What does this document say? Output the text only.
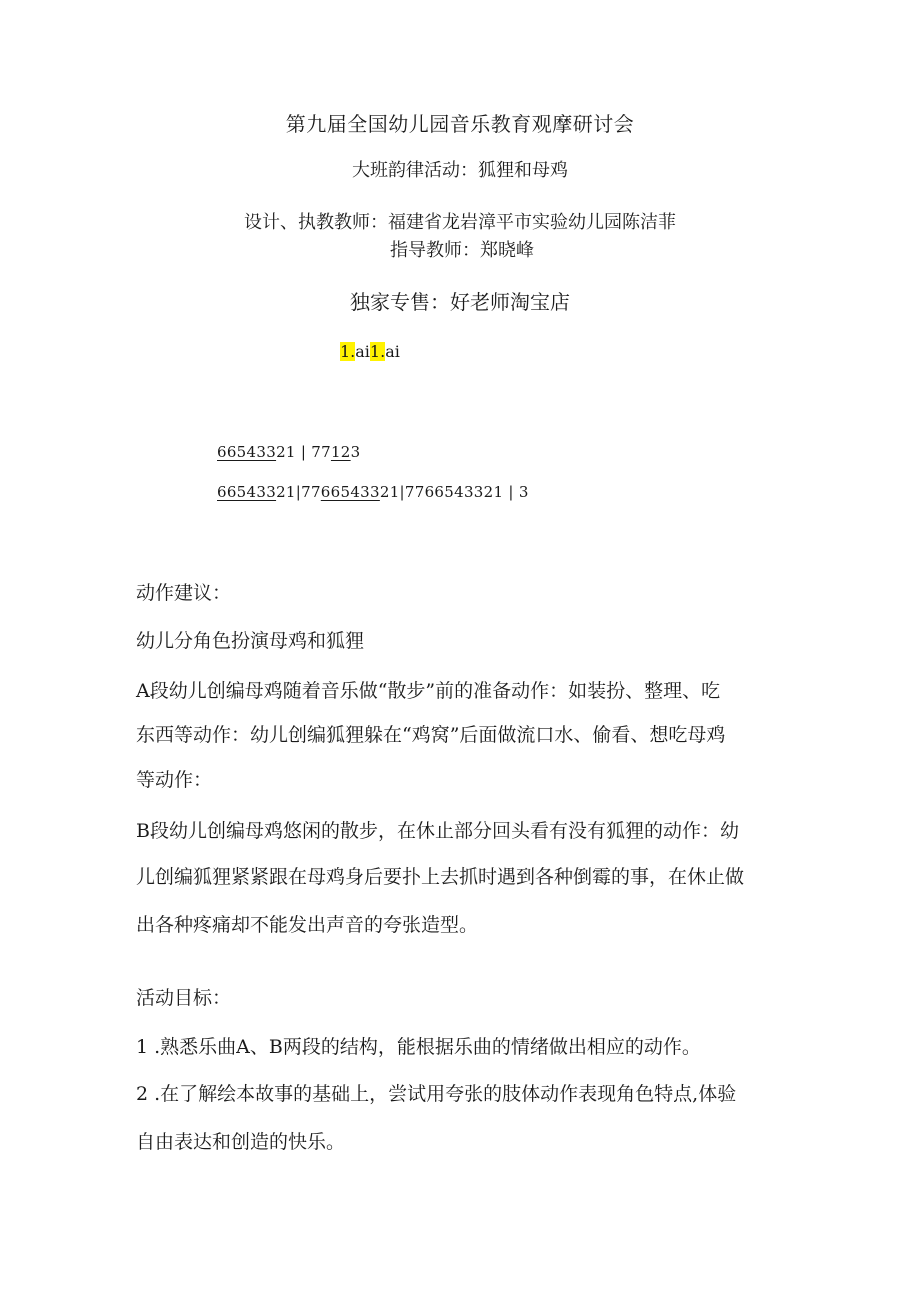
第九届全国幼儿园音乐教育观摩研讨会
大班韵律活动：狐狸和母鸡
设计、执教教师：福建省龙岩漳平市实验幼儿园陈洁菲
指导教师：郑晓峰
独家专售：好老师淘宝店
1.ai1.ai
66543321 | 77123
66543321|7766543321|7766543321 | 3
动作建议：
幼儿分角色扮演母鸡和狐狸
A段幼儿创编母鸡随着音乐做“散步”前的准备动作：如装扮、整理、吃
东西等动作：幼儿创编狐狸躲在“鸡窝”后面做流口水、偷看、想吃母鸡
等动作：
B段幼儿创编母鸡悠闲的散步，在休止部分回头看有没有狐狸的动作：幼
儿创编狐狸紧紧跟在母鸡身后要扑上去抓时遇到各种倒霉的事，在休止做
出各种疼痛却不能发出声音的夸张造型。
活动目标：
1 .熟悉乐曲A、B两段的结构，能根据乐曲的情绪做出相应的动作。
2 .在了解绘本故事的基础上，尝试用夸张的肢体动作表现角色特点,体验
自由表达和创造的快乐。
